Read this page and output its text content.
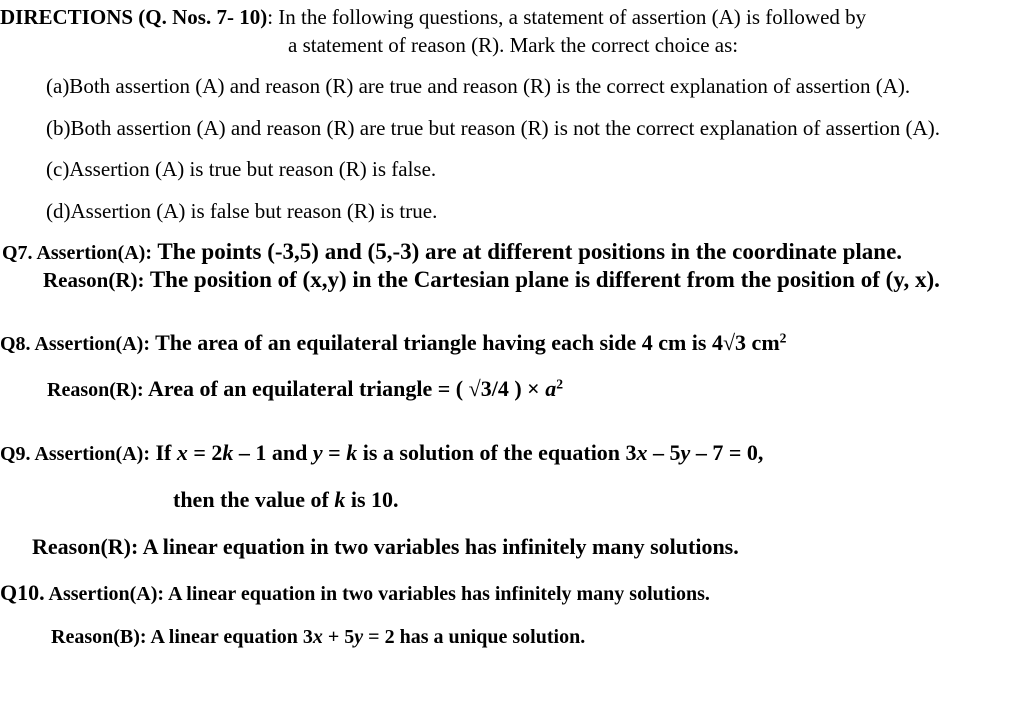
DIRECTIONS (Q. Nos. 7- 10): In the following questions, a statement of assertion (A) is followed by
a statement of reason (R). Mark the correct choice as:
(a)Both assertion (A) and reason (R) are true and reason (R) is the correct explanation of assertion (A).
(b)Both assertion (A) and reason (R) are true but reason (R) is not the correct explanation of assertion (A).
(c)Assertion (A) is true but reason (R) is false.
(d)Assertion (A) is false but reason (R) is true.
Q7. Assertion(A): The points (-3,5) and (5,-3) are at different positions in the coordinate plane.
Reason(R): The position of (x,y) in the Cartesian plane is different from the position of (y, x).
Q8. Assertion(A): The area of an equilateral triangle having each side 4 cm is 4√3 $cm^2$
Reason(R): Area of an equilateral triangle = ( √3/4 ) × $a^2$
Q9. Assertion(A): If x = 2k – 1 and y = k is a solution of the equation 3x – 5y – 7 = 0,
then the value of k is 10.
Reason(R): A linear equation in two variables has infinitely many solutions.
Q10. Assertion(A): A linear equation in two variables has infinitely many solutions.
Reason(B): A linear equation 3x + 5y = 2 has a unique solution.
